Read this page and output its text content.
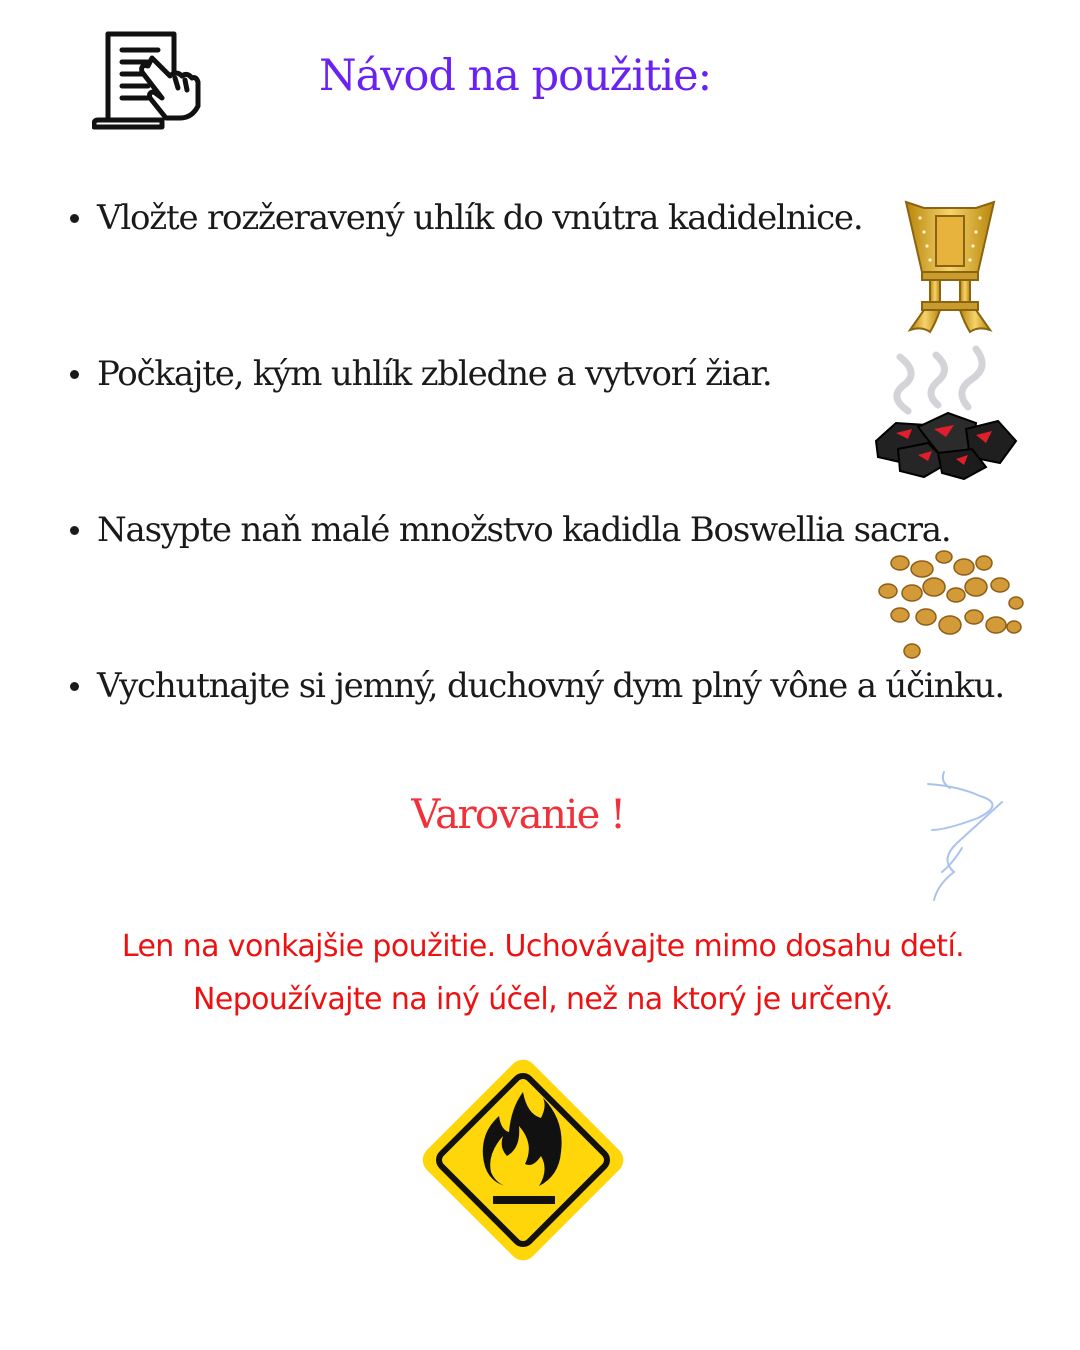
Návod na použitie:
Vložte rozžeravený uhlík do vnútra kadidelnice.
Počkajte, kým uhlík zbledne a vytvorí žiar.
Nasypte naň malé množstvo kadidla Boswellia sacra.
Vychutnajte si jemný, duchovný dym plný vône a účinku.
Varovanie !
Len na vonkajšie použitie. Uchovávajte mimo dosahu detí.
Nepoužívajte na iný účel, než na ktorý je určený.
